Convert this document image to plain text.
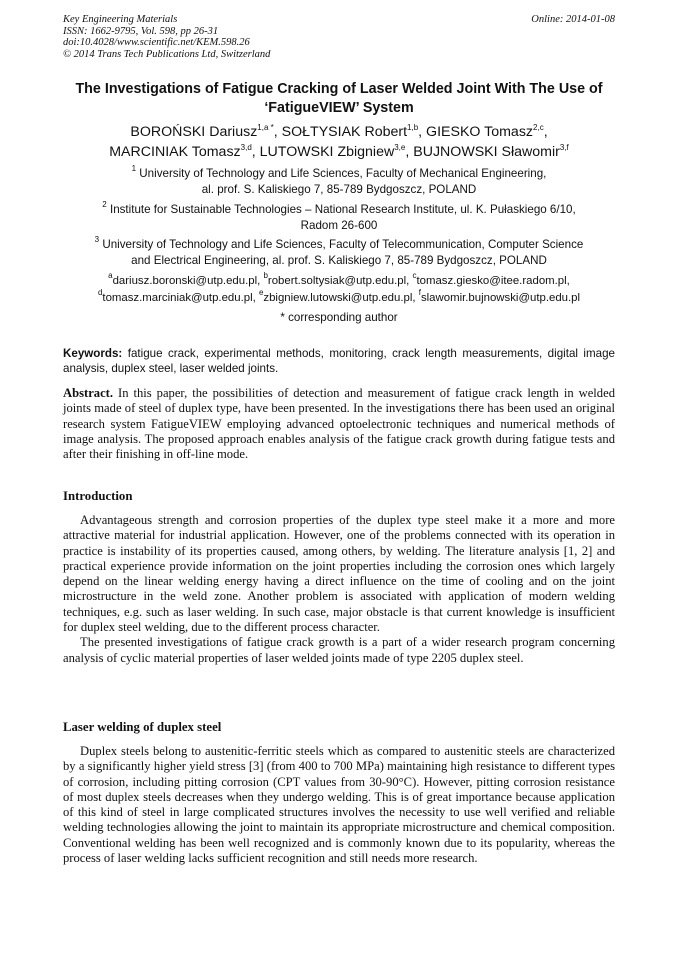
Key Engineering Materials
ISSN: 1662-9795, Vol. 598, pp 26-31
doi:10.4028/www.scientific.net/KEM.598.26
© 2014 Trans Tech Publications Ltd, Switzerland
Online: 2014-01-08
The Investigations of Fatigue Cracking of Laser Welded Joint With The Use of ‘FatigueVIEW’ System
BOROŃSKI Dariusz$^{1,a *}$, SOŁTYSIAK Robert$^{1,b}$, GIESKO Tomasz$^{2,c}$,
MARCINIAK Tomasz$^{3,d}$, LUTOWSKI Zbigniew$^{3,e}$, BUJNOWSKI Sławomir$^{3,f}$
$^1$ University of Technology and Life Sciences, Faculty of Mechanical Engineering,
al. prof. S. Kaliskiego 7, 85-789 Bydgoszcz, POLAND
$^2$ Institute for Sustainable Technologies – National Research Institute, ul. K. Pułaskiego 6/10,
Radom 26-600
$^3$ University of Technology and Life Sciences, Faculty of Telecommunication, Computer Science
and Electrical Engineering, al. prof. S. Kaliskiego 7, 85-789 Bydgoszcz, POLAND
$^a$dariusz.boronski@utp.edu.pl, $^b$robert.soltysiak@utp.edu.pl, $^c$tomasz.giesko@itee.radom.pl,
$^d$tomasz.marciniak@utp.edu.pl, $^e$zbigniew.lutowski@utp.edu.pl, $^f$slawomir.bujnowski@utp.edu.pl
* corresponding author
Keywords: fatigue crack, experimental methods, monitoring, crack length measurements, digital image analysis, duplex steel, laser welded joints.
Abstract. In this paper, the possibilities of detection and measurement of fatigue crack length in welded joints made of steel of duplex type, have been presented. In the investigations there has been used an original research system FatigueVIEW employing advanced optoelectronic techniques and numerical methods of image analysis. The proposed approach enables analysis of the fatigue crack growth during fatigue tests and after their finishing in off-line mode.
Introduction

Advantageous strength and corrosion properties of the duplex type steel make it a more and more attractive material for industrial application. However, one of the problems connected with its operation in practice is instability of its properties caused, among others, by welding. The literature analysis [1, 2] and practical experience provide information on the joint properties including the corrosion ones which largely depend on the linear welding energy having a direct influence on the time of cooling and on the joint microstructure in the weld zone. Another problem is associated with application of modern welding techniques, e.g. such as laser welding. In such case, major obstacle is that current knowledge is insufficient for duplex steel welding, due to the different process character.

The presented investigations of fatigue crack growth is a part of a wider research program concerning analysis of cyclic material properties of laser welded joints made of type 2205 duplex steel.

Laser welding of duplex steel

Duplex steels belong to austenitic-ferritic steels which as compared to austenitic steels are characterized by a significantly higher yield stress [3] (from 400 to 700 MPa) maintaining high resistance to different types of corrosion, including pitting corrosion (CPT values from 30-90°C). However, pitting corrosion resistance of most duplex steels decreases when they undergo welding. This is of great importance because application of this kind of steel in large complicated structures involves the necessity to use well verified and reliable welding technologies allowing the joint to maintain its appropriate microstructure and chemical composition. Conventional welding has been well recognized and is commonly known due to its popularity, whereas the process of laser welding lacks sufficient recognition and still needs more research.
